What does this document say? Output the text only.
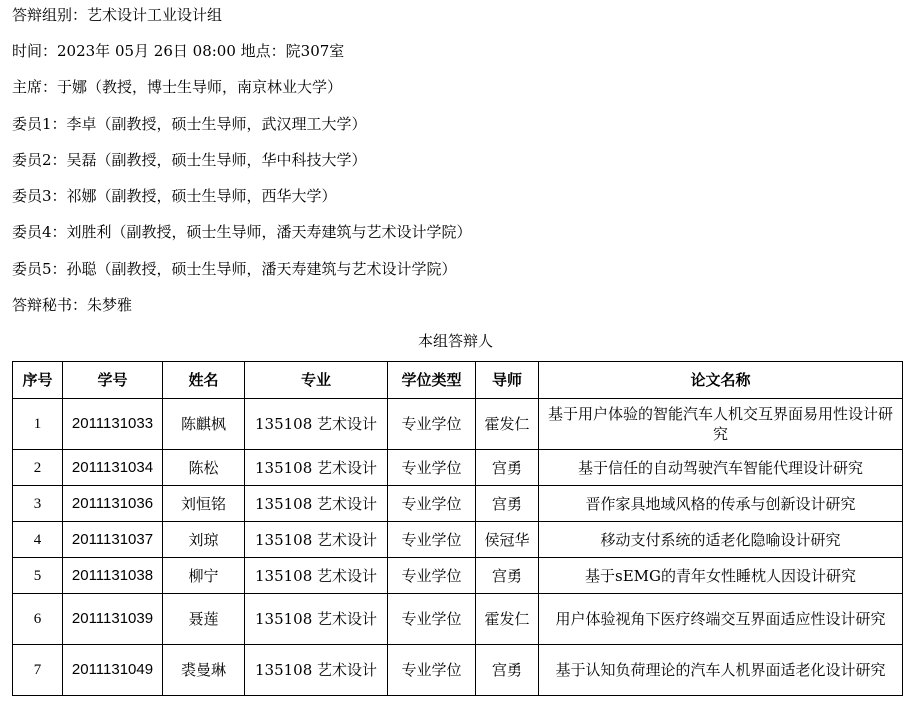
答辩组别：艺术设计工业设计组
时间：2023年 05月 26日 08:00 地点：院307室
主席：于娜（教授，博士生导师，南京林业大学）
委员1：李卓（副教授，硕士生导师，武汉理工大学）
委员2：吴磊（副教授，硕士生导师，华中科技大学）
委员3：祁娜（副教授，硕士生导师，西华大学）
委员4：刘胜利（副教授，硕士生导师，潘天寿建筑与艺术设计学院）
委员5：孙聪（副教授，硕士生导师，潘天寿建筑与艺术设计学院）
答辩秘书：朱梦雅
本组答辩人
序号	学号	姓名	专业	学位类型	导师	论文名称
1	2011131033	陈麒枫	135108 艺术设计	专业学位	霍发仁	基于用户体验的智能汽车人机交互界面易用性设计研究
2	2011131034	陈松	135108 艺术设计	专业学位	宫勇	基于信任的自动驾驶汽车智能代理设计研究
3	2011131036	刘恒铭	135108 艺术设计	专业学位	宫勇	晋作家具地域风格的传承与创新设计研究
4	2011131037	刘琼	135108 艺术设计	专业学位	侯冠华	移动支付系统的适老化隐喻设计研究
5	2011131038	柳宁	135108 艺术设计	专业学位	宫勇	基于sEMG的青年女性睡枕人因设计研究
6	2011131039	聂莲	135108 艺术设计	专业学位	霍发仁	用户体验视角下医疗终端交互界面适应性设计研究
7	2011131049	裘曼琳	135108 艺术设计	专业学位	宫勇	基于认知负荷理论的汽车人机界面适老化设计研究
